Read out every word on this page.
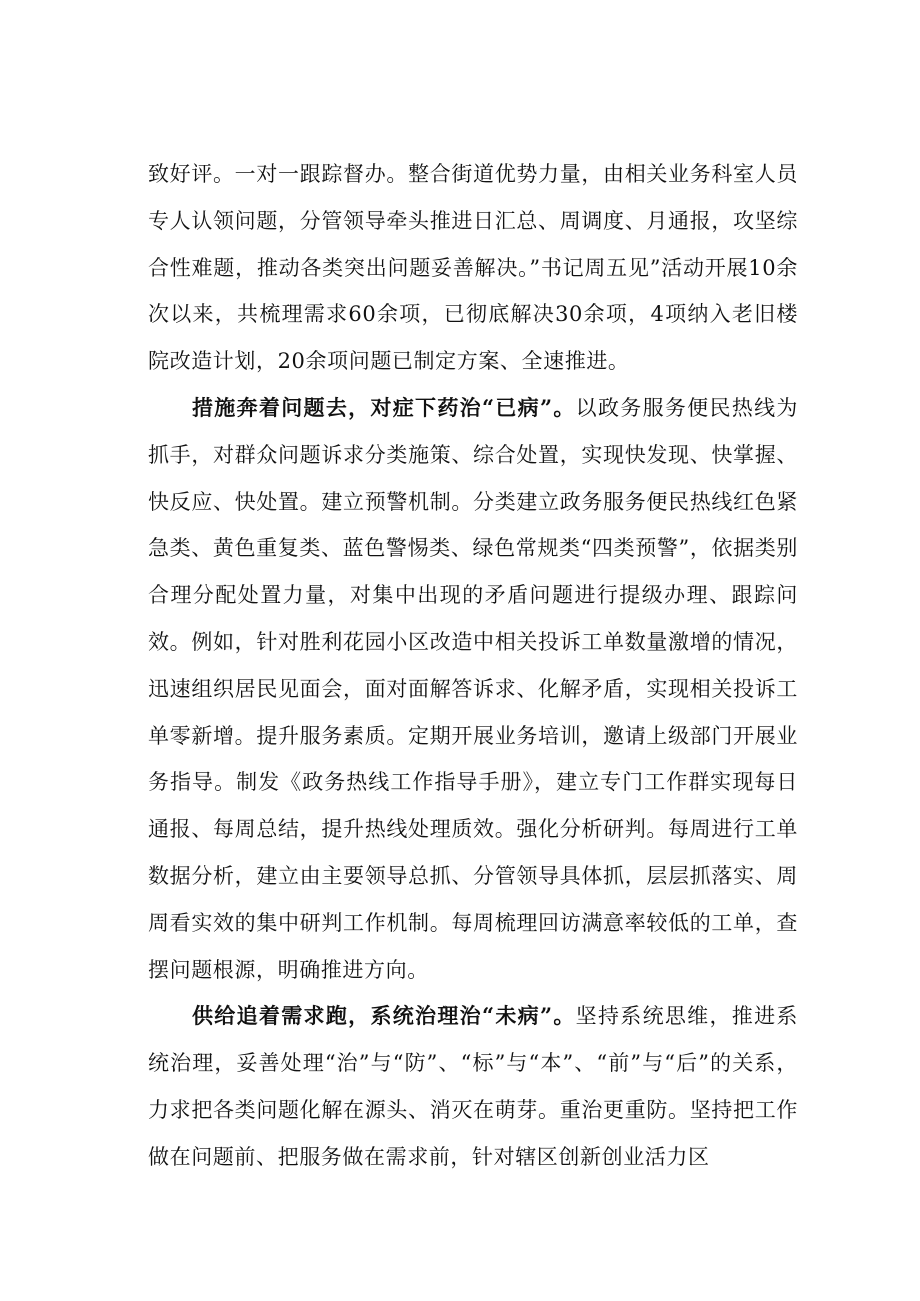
致好评。一对一跟踪督办。整合街道优势力量，由相关业务科室人员专人认领问题，分管领导牵头推进日汇总、周调度、月通报，攻坚综合性难题，推动各类突出问题妥善解决。”书记周五见”活动开展10余次以来，共梳理需求60余项，已彻底解决30余项，4项纳入老旧楼院改造计划，20余项问题已制定方案、全速推进。

措施奔着问题去，对症下药治“已病”。以政务服务便民热线为抓手，对群众问题诉求分类施策、综合处置，实现快发现、快掌握、快反应、快处置。建立预警机制。分类建立政务服务便民热线红色紧急类、黄色重复类、蓝色警惕类、绿色常规类“四类预警”，依据类别合理分配处置力量，对集中出现的矛盾问题进行提级办理、跟踪问效。例如，针对胜利花园小区改造中相关投诉工单数量激增的情况，迅速组织居民见面会，面对面解答诉求、化解矛盾，实现相关投诉工单零新增。提升服务素质。定期开展业务培训，邀请上级部门开展业务指导。制发《政务热线工作指导手册》，建立专门工作群实现每日通报、每周总结，提升热线处理质效。强化分析研判。每周进行工单数据分析，建立由主要领导总抓、分管领导具体抓，层层抓落实、周周看实效的集中研判工作机制。每周梳理回访满意率较低的工单，查摆问题根源，明确推进方向。

供给追着需求跑，系统治理治“未病”。坚持系统思维，推进系统治理，妥善处理“治”与“防”、“标”与“本”、“前”与“后”的关系，力求把各类问题化解在源头、消灭在萌芽。重治更重防。坚持把工作做在问题前、把服务做在需求前，针对辖区创新创业活力区
